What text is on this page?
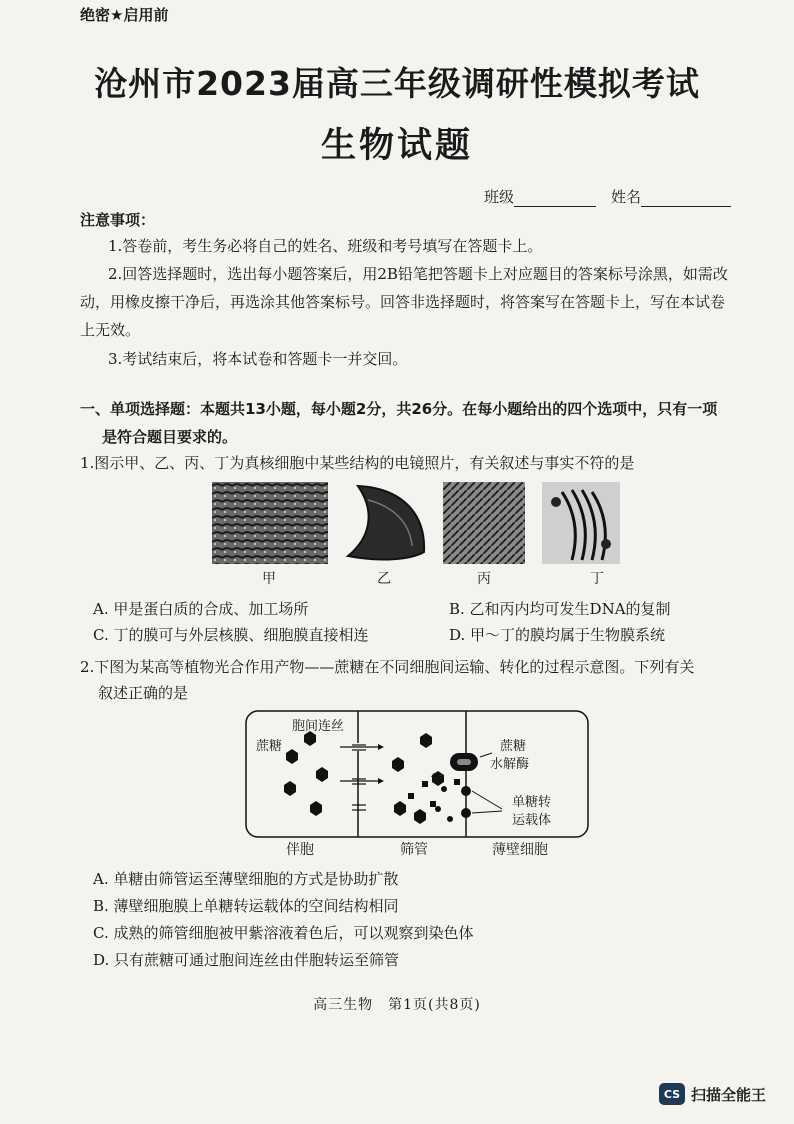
绝密★启用前
沧州市2023届高三年级调研性模拟考试
生物试题
班级　	姓名
注意事项：
1.答卷前，考生务必将自己的姓名、班级和考号填写在答题卡上。
2.回答选择题时，选出每小题答案后，用2B铅笔把答题卡上对应题目的答案标号涂黑，如需改动，用橡皮擦干净后，再选涂其他答案标号。回答非选择题时，将答案写在答题卡上，写在本试卷上无效。
3.考试结束后，将本试卷和答题卡一并交回。
一、单项选择题：本题共13小题，每小题2分，共26分。在每小题给出的四个选项中，只有一项
是符合题目要求的。
1.图示甲、乙、丙、丁为真核细胞中某些结构的电镜照片，有关叙述与事实不符的是
甲	乙	丙	丁
A. 甲是蛋白质的合成、加工场所	B. 乙和丙内均可发生DNA的复制
C. 丁的膜可与外层核膜、细胞膜直接相连	D. 甲～丁的膜均属于生物膜系统
2.下图为某高等植物光合作用产物——蔗糖在不同细胞间运输、转化的过程示意图。下列有关
叙述正确的是
+
蔗糖
胞间连丝
蔗糖
水解酶
单糖转
运载体
伴胞	筛管	薄壁细胞
A. 单糖由筛管运至薄壁细胞的方式是协助扩散
B. 薄壁细胞膜上单糖转运载体的空间结构相同
C. 成熟的筛管细胞被甲紫溶液着色后，可以观察到染色体
D. 只有蔗糖可通过胞间连丝由伴胞转运至筛管
高三生物　第1页(共8页)
CS 扫描全能王
